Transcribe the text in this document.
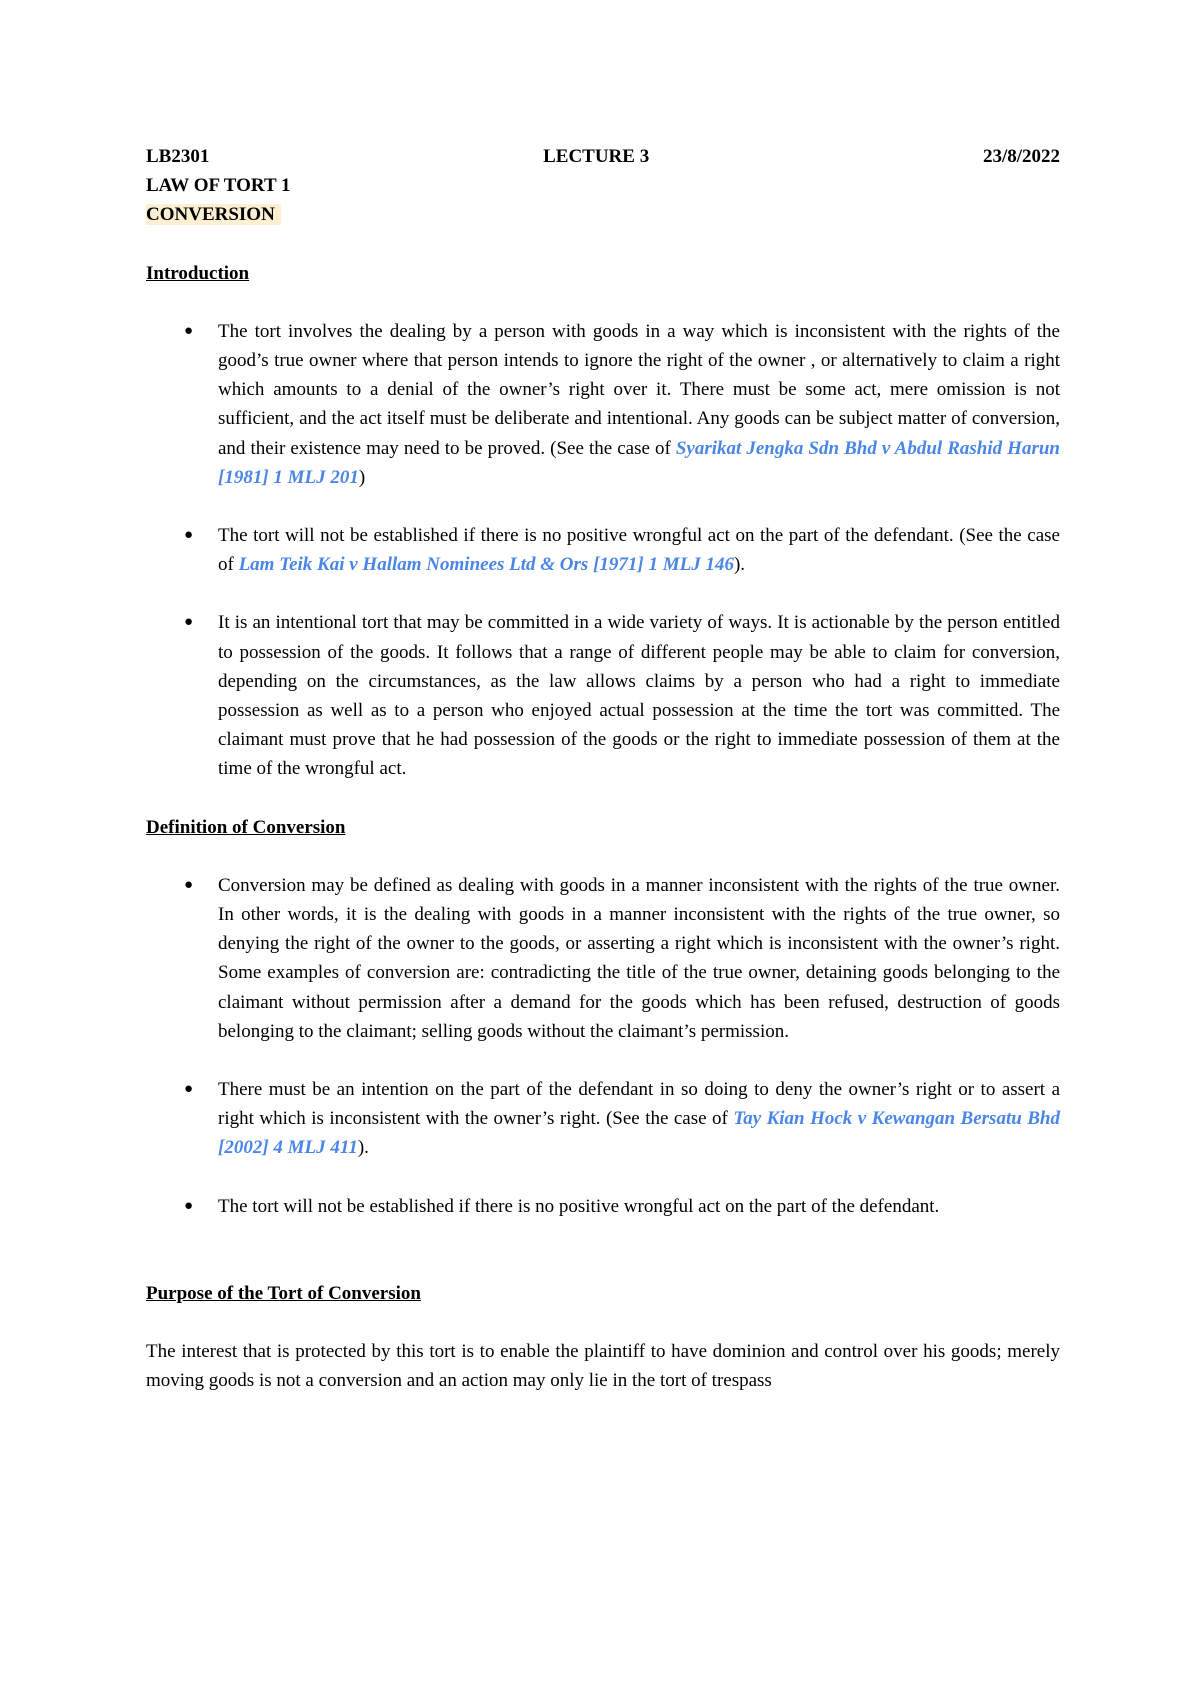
LB2301	LECTURE 3	23/8/2022
LAW OF TORT 1
CONVERSION
Introduction
● The tort involves the dealing by a person with goods in a way which is inconsistent with the rights of the good’s true owner where that person intends to ignore the right of the owner , or alternatively to claim a right which amounts to a denial of the owner’s right over it. There must be some act, mere omission is not sufficient, and the act itself must be deliberate and intentional. Any goods can be subject matter of conversion, and their existence may need to be proved. (See the case of Syarikat Jengka Sdn Bhd v Abdul Rashid Harun [1981] 1 MLJ 201)
● The tort will not be established if there is no positive wrongful act on the part of the defendant. (See the case of Lam Teik Kai v Hallam Nominees Ltd & Ors [1971] 1 MLJ 146).
● It is an intentional tort that may be committed in a wide variety of ways. It is actionable by the person entitled to possession of the goods. It follows that a range of different people may be able to claim for conversion, depending on the circumstances, as the law allows claims by a person who had a right to immediate possession as well as to a person who enjoyed actual possession at the time the tort was committed. The claimant must prove that he had possession of the goods or the right to immediate possession of them at the time of the wrongful act.
Definition of Conversion
● Conversion may be defined as dealing with goods in a manner inconsistent with the rights of the true owner. In other words, it is the dealing with goods in a manner inconsistent with the rights of the true owner, so denying the right of the owner to the goods, or asserting a right which is inconsistent with the owner’s right. Some examples of conversion are: contradicting the title of the true owner, detaining goods belonging to the claimant without permission after a demand for the goods which has been refused, destruction of goods belonging to the claimant; selling goods without the claimant’s permission.
● There must be an intention on the part of the defendant in so doing to deny the owner’s right or to assert a right which is inconsistent with the owner’s right. (See the case of Tay Kian Hock v Kewangan Bersatu Bhd [2002] 4 MLJ 411).
● The tort will not be established if there is no positive wrongful act on the part of the defendant.
Purpose of the Tort of Conversion

The interest that is protected by this tort is to enable the plaintiff to have dominion and control over his goods; merely moving goods is not a conversion and an action may only lie in the tort of trespass
